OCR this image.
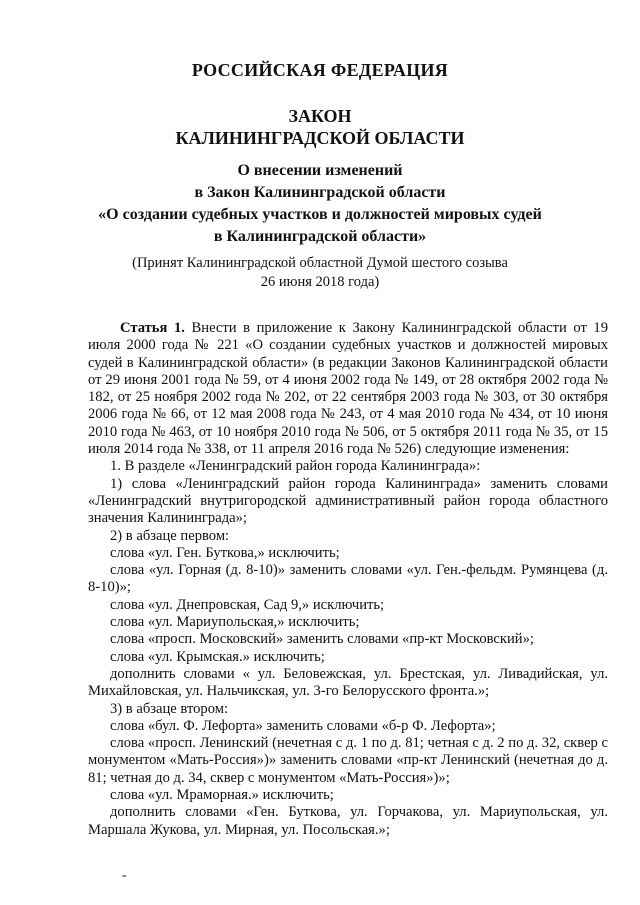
РОССИЙСКАЯ ФЕДЕРАЦИЯ
ЗАКОН
КАЛИНИНГРАДСКОЙ ОБЛАСТИ
О внесении изменений
в Закон Калининградской области
«О создании судебных участков и должностей мировых судей
в Калининградской области»
(Принят Калининградской областной Думой шестого созыва
26 июня 2018 года)

Статья 1. Внести в приложение к Закону Калининградской области от 19 июля 2000 года № 221 «О создании судебных участков и должностей мировых судей в Калининградской области» (в редакции Законов Калининградской области от 29 июня 2001 года № 59, от 4 июня 2002 года № 149, от 28 октября 2002 года № 182, от 25 ноября 2002 года № 202, от 22 сентября 2003 года № 303, от 30 октября 2006 года № 66, от 12 мая 2008 года № 243, от 4 мая 2010 года № 434, от 10 июня 2010 года № 463, от 10 ноября 2010 года № 506, от 5 октября 2011 года № 35, от 15 июля 2014 года № 338, от 11 апреля 2016 года № 526) следующие изменения:

1. В разделе «Ленинградский район города Калининграда»:

1) слова «Ленинградский район города Калининграда» заменить словами «Ленинградский внутригородской административный район города областного значения Калининграда»;

2) в абзаце первом:

слова «ул. Ген. Буткова,» исключить;

слова «ул. Горная (д. 8-10)» заменить словами «ул. Ген.-фельдм. Румянцева (д. 8-10)»;

слова «ул. Днепровская, Сад 9,» исключить;

слова «ул. Мариупольская,» исключить;

слова «просп. Московский» заменить словами «пр-кт Московский»;

слова «ул. Крымская.» исключить;

дополнить словами « ул. Беловежская, ул. Брестская, ул. Ливадийская, ул. Михайловская, ул. Нальчикская, ул. 3-го Белорусского фронта.»;

3) в абзаце втором:

слова «бул. Ф. Лефорта» заменить словами «б-р Ф. Лефорта»;

слова «просп. Ленинский (нечетная с д. 1 по д. 81; четная с д. 2 по д. 32, сквер с монументом «Мать-Россия»)» заменить словами «пр-кт Ленинский (нечетная до д. 81; четная до д. 34, сквер с монументом «Мать-Россия»)»;

слова «ул. Мраморная.» исключить;

дополнить словами «Ген. Буткова, ул. Горчакова, ул. Мариупольская, ул. Маршала Жукова, ул. Мирная, ул. Посольская.»;

-
